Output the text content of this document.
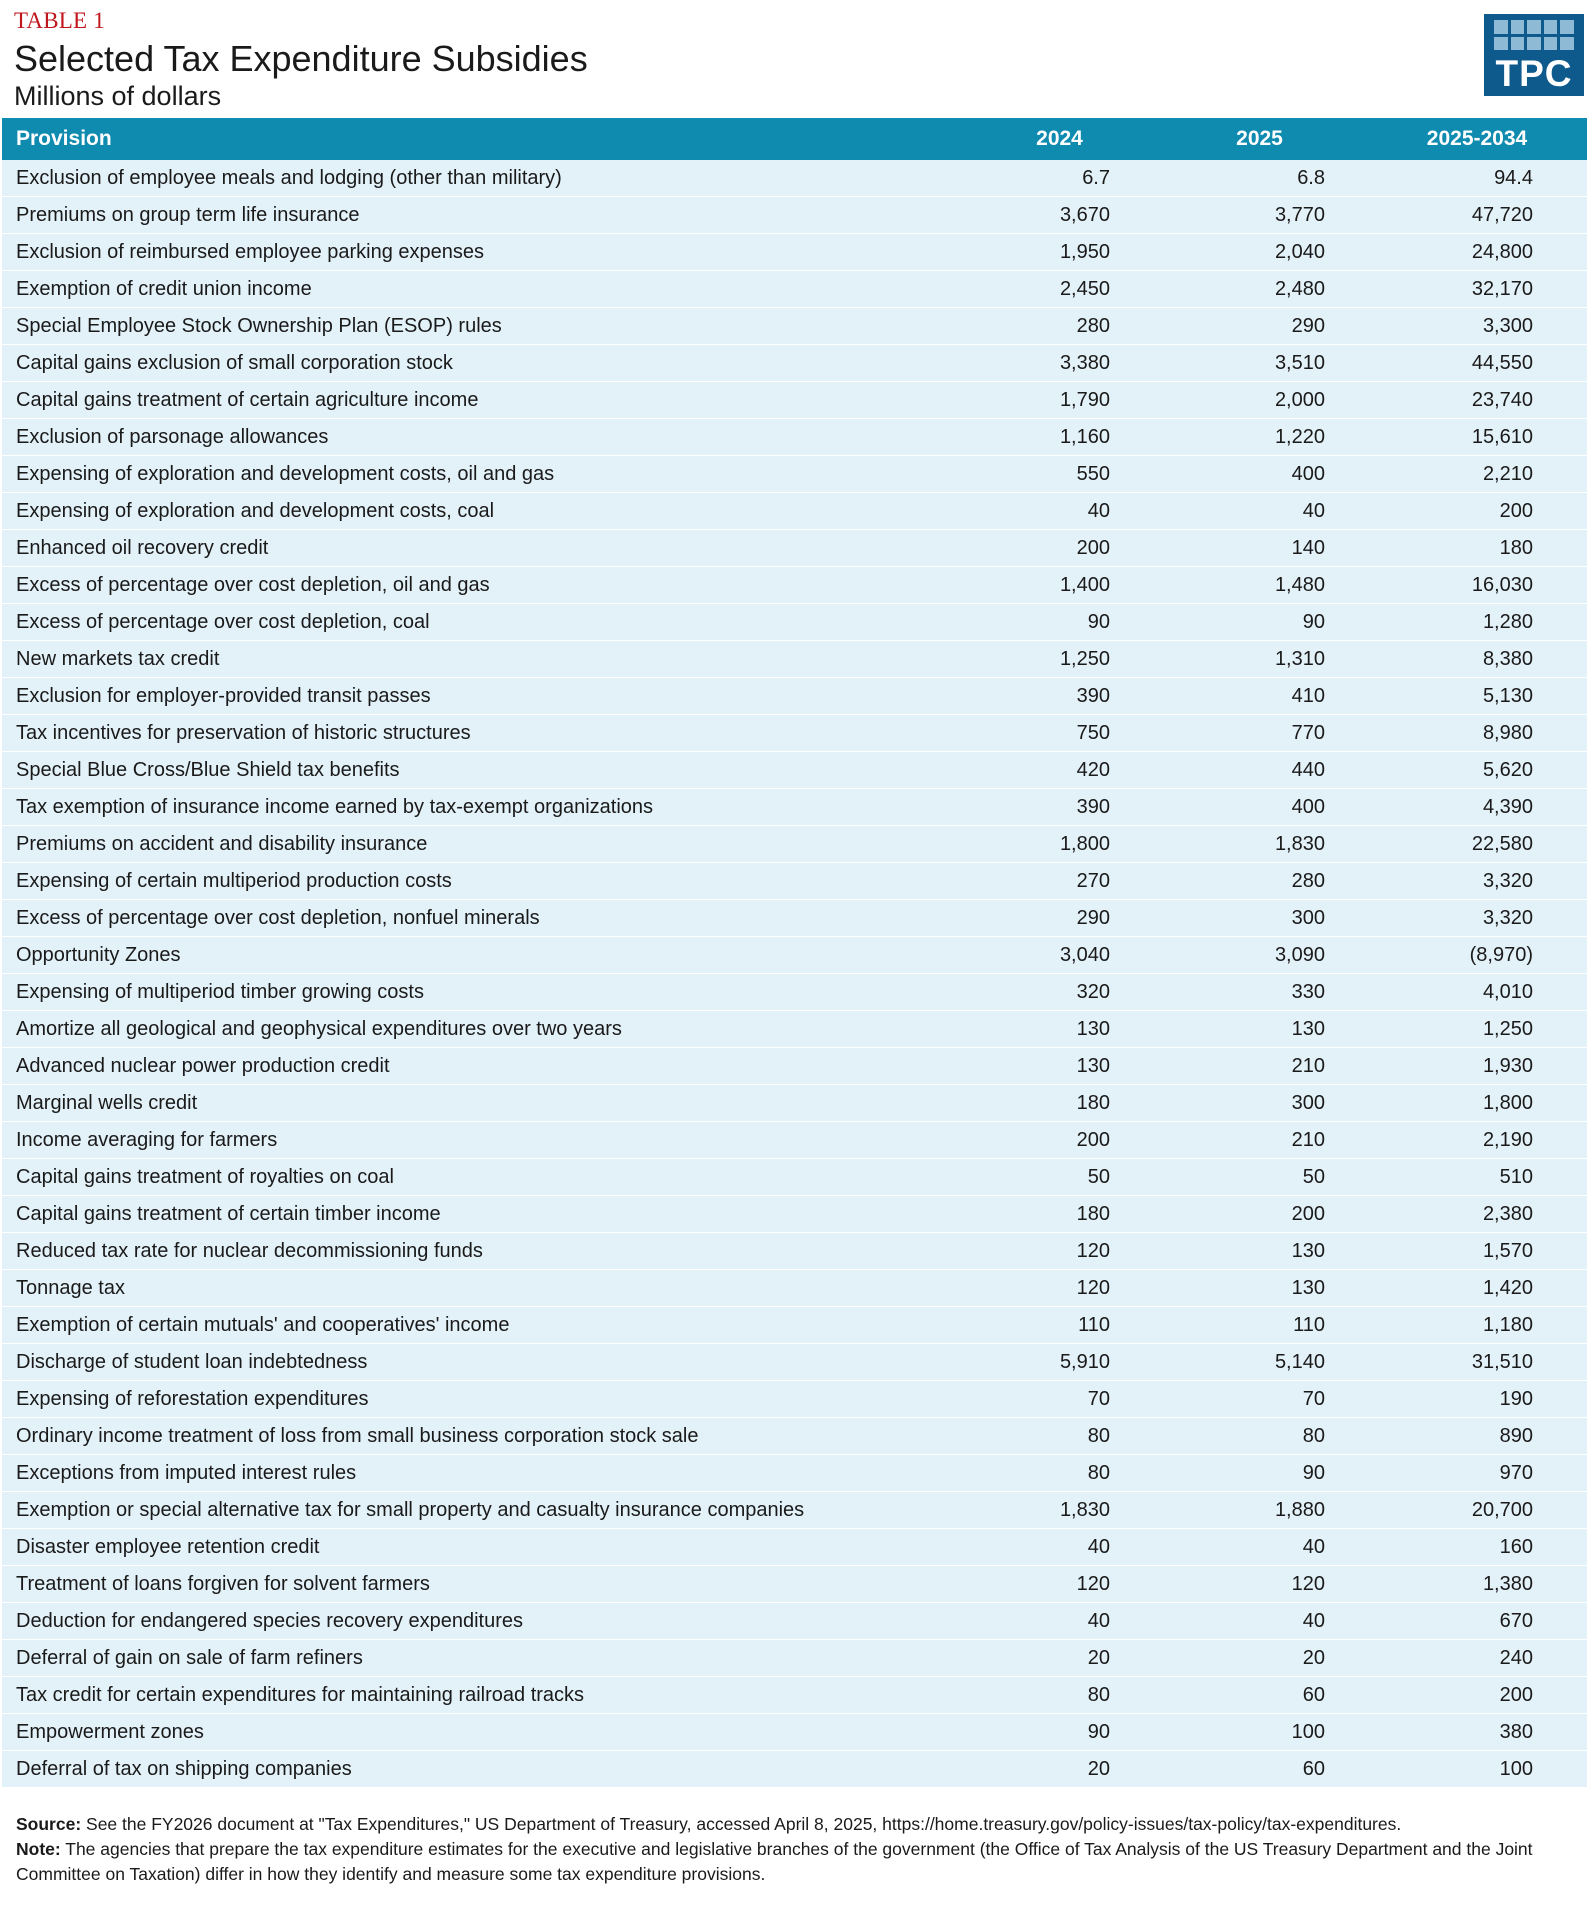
TABLE 1
Selected Tax Expenditure Subsidies
Millions of dollars
TPC
Provision	2024	2025	2025-2034
Exclusion of employee meals and lodging (other than military)	6.7	6.8	94.4
Premiums on group term life insurance	3,670	3,770	47,720
Exclusion of reimbursed employee parking expenses	1,950	2,040	24,800
Exemption of credit union income	2,450	2,480	32,170
Special Employee Stock Ownership Plan (ESOP) rules	280	290	3,300
Capital gains exclusion of small corporation stock	3,380	3,510	44,550
Capital gains treatment of certain agriculture income	1,790	2,000	23,740
Exclusion of parsonage allowances	1,160	1,220	15,610
Expensing of exploration and development costs, oil and gas	550	400	2,210
Expensing of exploration and development costs, coal	40	40	200
Enhanced oil recovery credit	200	140	180
Excess of percentage over cost depletion, oil and gas	1,400	1,480	16,030
Excess of percentage over cost depletion, coal	90	90	1,280
New markets tax credit	1,250	1,310	8,380
Exclusion for employer-provided transit passes	390	410	5,130
Tax incentives for preservation of historic structures	750	770	8,980
Special Blue Cross/Blue Shield tax benefits	420	440	5,620
Tax exemption of insurance income earned by tax-exempt organizations	390	400	4,390
Premiums on accident and disability insurance	1,800	1,830	22,580
Expensing of certain multiperiod production costs	270	280	3,320
Excess of percentage over cost depletion, nonfuel minerals	290	300	3,320
Opportunity Zones	3,040	3,090	(8,970)
Expensing of multiperiod timber growing costs	320	330	4,010
Amortize all geological and geophysical expenditures over two years	130	130	1,250
Advanced nuclear power production credit	130	210	1,930
Marginal wells credit	180	300	1,800
Income averaging for farmers	200	210	2,190
Capital gains treatment of royalties on coal	50	50	510
Capital gains treatment of certain timber income	180	200	2,380
Reduced tax rate for nuclear decommissioning funds	120	130	1,570
Tonnage tax	120	130	1,420
Exemption of certain mutuals' and cooperatives' income	110	110	1,180
Discharge of student loan indebtedness	5,910	5,140	31,510
Expensing of reforestation expenditures	70	70	190
Ordinary income treatment of loss from small business corporation stock sale	80	80	890
Exceptions from imputed interest rules	80	90	970
Exemption or special alternative tax for small property and casualty insurance companies	1,830	1,880	20,700
Disaster employee retention credit	40	40	160
Treatment of loans forgiven for solvent farmers	120	120	1,380
Deduction for endangered species recovery expenditures	40	40	670
Deferral of gain on sale of farm refiners	20	20	240
Tax credit for certain expenditures for maintaining railroad tracks	80	60	200
Empowerment zones	90	100	380
Deferral of tax on shipping companies	20	60	100

Source: See the FY2026 document at "Tax Expenditures," US Department of Treasury, accessed April 8, 2025, https://home.treasury.gov/policy-issues/tax-policy/tax-expenditures.

Note: The agencies that prepare the tax expenditure estimates for the executive and legislative branches of the government (the Office of Tax Analysis of the US Treasury Department and the Joint Committee on Taxation) differ in how they identify and measure some tax expenditure provisions.
